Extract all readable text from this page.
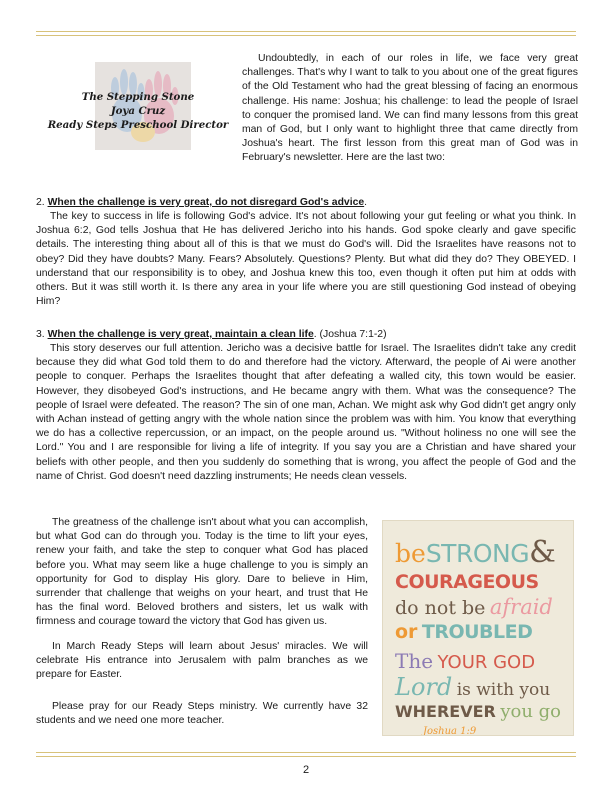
The Stepping Stone
Joya Cruz
Ready Steps Preschool Director

Undoubtedly, in each of our roles in life, we face very great challenges. That's why I want to talk to you about one of the great figures of the Old Testament who had the great blessing of facing an enormous challenge. His name: Joshua; his challenge: to lead the people of Israel to conquer the promised land. We can find many lessons from this great man of God, but I only want to highlight three that came directly from Joshua's heart. The first lesson from this great man of God was in February's newsletter. Here are the last two:

2. When the challenge is very great, do not disregard God's advice.

The key to success in life is following God's advice. It's not about following your gut feeling or what you think. In Joshua 6:2, God tells Joshua that He has delivered Jericho into his hands. God spoke clearly and gave specific details. The interesting thing about all of this is that we must do God's will. Did the Israelites have reasons not to obey? Did they have doubts? Many. Fears? Absolutely. Questions? Plenty. But what did they do? They OBEYED. I understand that our responsibility is to obey, and Joshua knew this too, even though it often put him at odds with others. But it was still worth it. Is there any area in your life where you are still questioning God instead of obeying Him?

3. When the challenge is very great, maintain a clean life. (Joshua 7:1-2)

This story deserves our full attention. Jericho was a decisive battle for Israel. The Israelites didn't take any credit because they did what God told them to do and therefore had the victory. Afterward, the people of Ai were another people to conquer. Perhaps the Israelites thought that after defeating a walled city, this town would be easier. However, they disobeyed God's instructions, and He became angry with them. What was the consequence? The people of Israel were defeated. The reason? The sin of one man, Achan. We might ask why God didn't get angry only with Achan instead of getting angry with the whole nation since the problem was with him. You know that everything we do has a collective repercussion, or an impact, on the people around us. "Without holiness no one will see the Lord." You and I are responsible for living a life of integrity. If you say you are a Christian and have shared your beliefs with other people, and then you suddenly do something that is wrong, you affect the people of God and the name of Christ. God doesn't need dazzling instruments; He needs clean vessels.

The greatness of the challenge isn't about what you can accomplish, but what God can do through you. Today is the time to lift your eyes, renew your faith, and take the step to conquer what God has placed before you. What may seem like a huge challenge to you is simply an opportunity for God to display His glory. Dare to believe in Him, surrender that challenge that weighs on your heart, and trust that He has the final word. Beloved brothers and sisters, let us walk with firmness and courage toward the victory that God has given us.

In March Ready Steps will learn about Jesus' miracles. We will celebrate His entrance into Jerusalem with palm branches as we prepare for Easter.

Please pray for our Ready Steps ministry. We currently have 32 students and we need one more teacher.

beSTRONG&
COURAGEOUS
do not be afraid
or TROUBLED
The YOUR GOD
Lord is with you
WHEREVER you go
Joshua 1:9
2
